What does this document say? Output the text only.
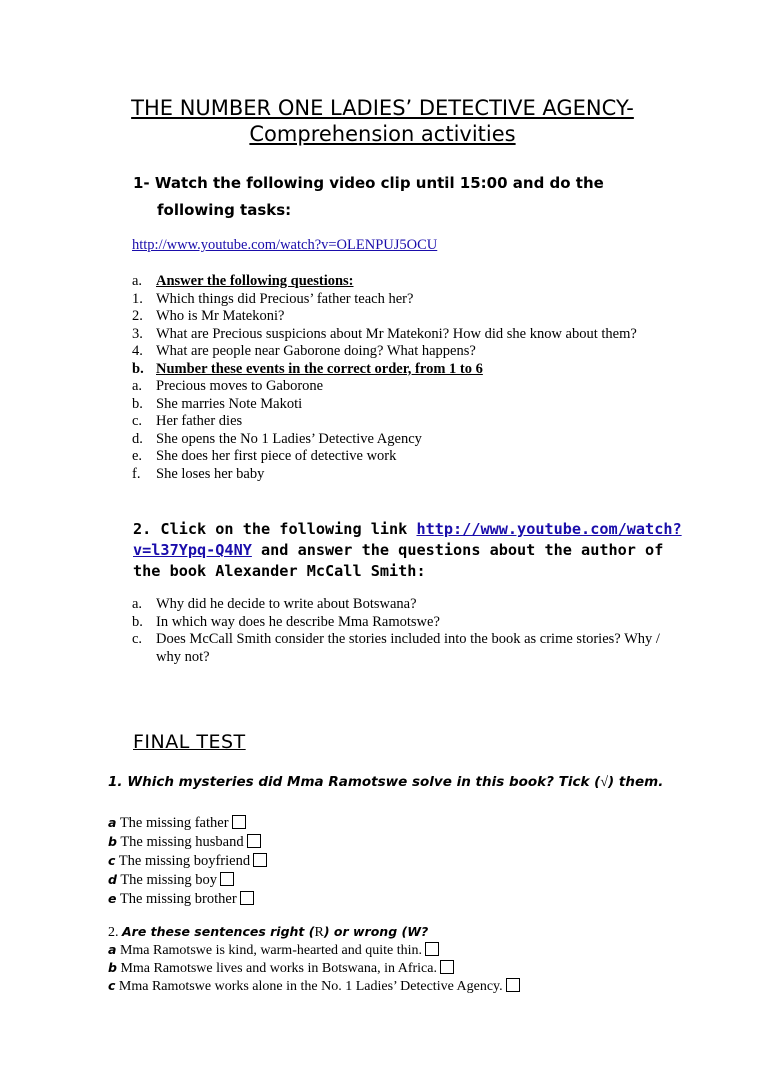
THE NUMBER ONE LADIES’ DETECTIVE AGENCY-
Comprehension activities
1- Watch the following video clip until 15:00 and do the
following tasks:
http://www.youtube.com/watch?v=OLENPUJ5OCU
a. Answer the following questions:
1. Which things did Precious’ father teach her?
2. Who is Mr Matekoni?
3. What are Precious suspicions about Mr Matekoni? How did she know about them?
4. What are people near Gaborone doing? What happens?
b. Number these events in the correct order, from 1 to 6
a. Precious moves to Gaborone
b. She marries Note Makoti
c. Her father dies
d. She opens the No 1 Ladies’ Detective Agency
e. She does her first piece of detective work
f. She loses her baby
2. Click on the following link http://www.youtube.com/watch?
v=l37Ypq-Q4NY and answer the questions about the author of
the book Alexander McCall Smith:
a. Why did he decide to write about Botswana?
b. In which way does he describe Mma Ramotswe?
c. Does McCall Smith consider the stories included into the book as crime stories? Why / why not?
FINAL TEST
1. Which mysteries did Mma Ramotswe solve in this book? Tick (√) them.
a The missing father
b The missing husband
c The missing boyfriend
d The missing boy
e The missing brother
2. Are these sentences right (R) or wrong (W?
a Mma Ramotswe is kind, warm-hearted and quite thin.
b Mma Ramotswe lives and works in Botswana, in Africa.
c Mma Ramotswe works alone in the No. 1 Ladies’ Detective Agency.
